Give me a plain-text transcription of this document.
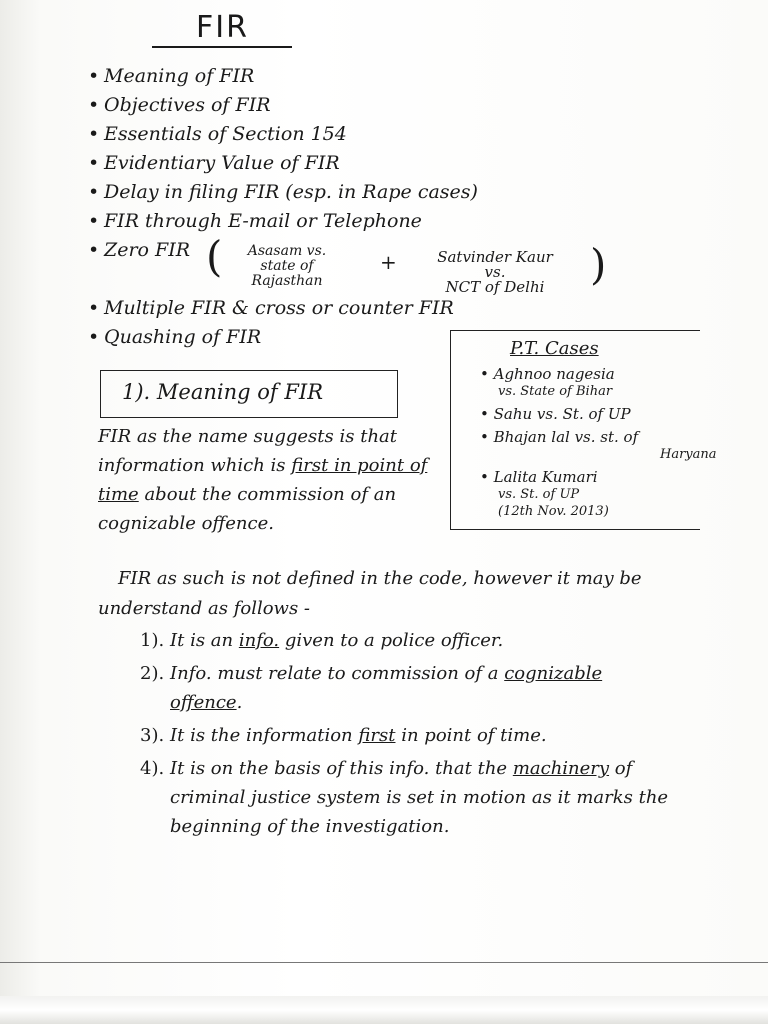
FIR
• Meaning of FIR
• Objectives of FIR
• Essentials of Section 154
• Evidentiary Value of FIR
• Delay in filing FIR (esp. in Rape cases)
• FIR through E-mail or Telephone
• Zero FIR
• Multiple FIR & cross or counter FIR
• Quashing of FIR
(	Asasam vs.
state of
Rajasthan
+	Satvinder Kaur
vs.
NCT of Delhi	)
P.T. Cases
• Aghnoo nagesia
vs. State of Bihar
• Sahu vs. St. of UP
• Bhajan lal vs. st. of
Haryana
• Lalita Kumari
vs. St. of UP
(12th Nov. 2013)
1). Meaning of FIR
FIR as the name suggests is that information which is first in point of time about the commission of an cognizable offence.
FIR as such is not defined in the code, however it may be understand as follows -
1). It is an info. given to a police officer.
2). Info. must relate to commission of a cognizable offence.
3). It is the information first in point of time.
4). It is on the basis of this info. that the machinery of criminal justice system is set in motion as it marks the beginning of the investigation.
